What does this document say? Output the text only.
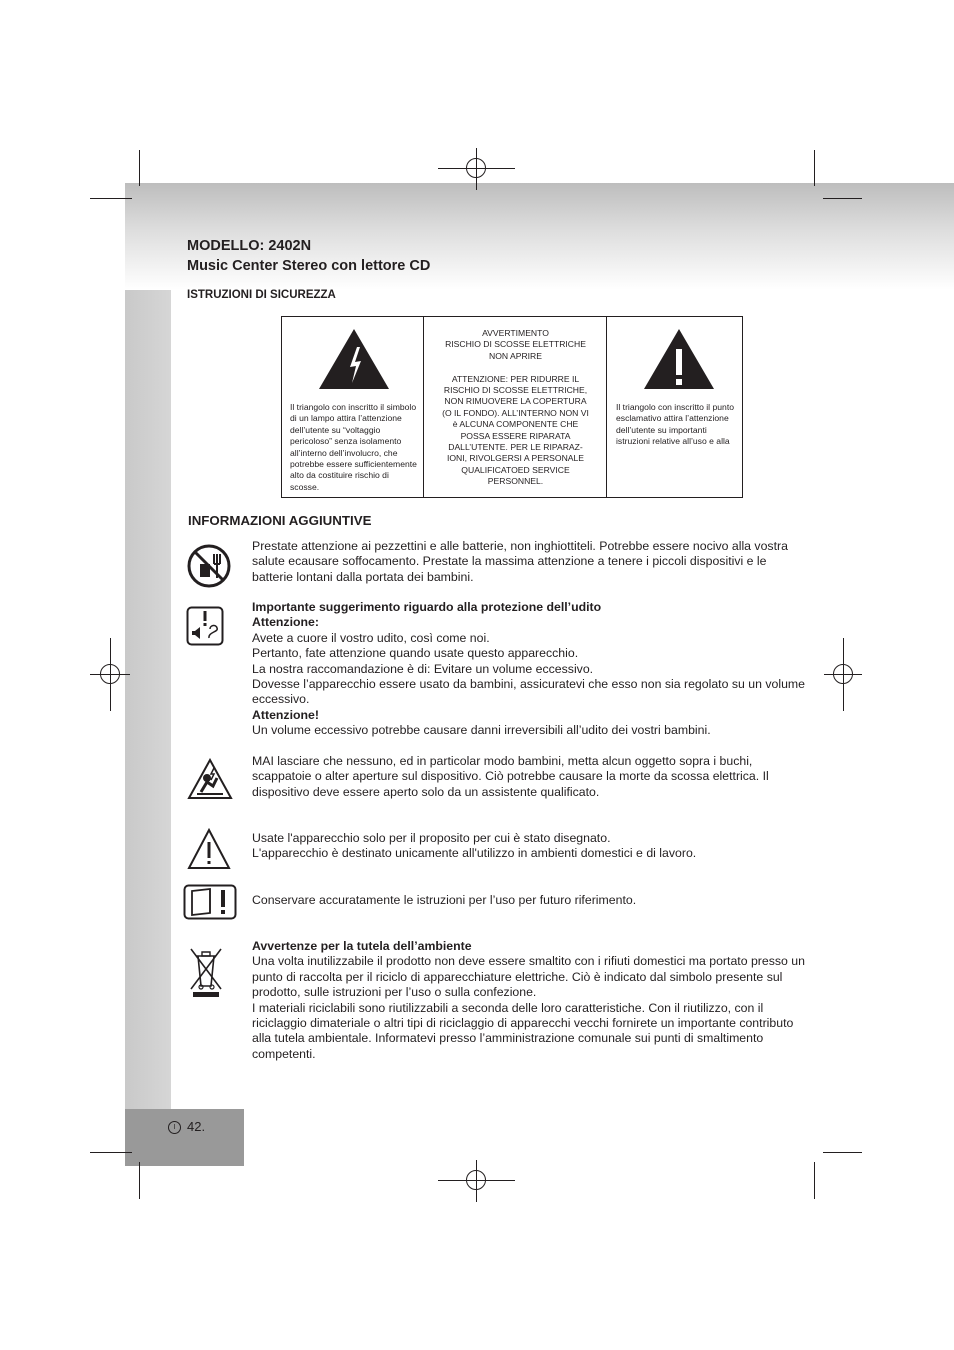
MODELLO: 2402N
Music Center Stereo con lettore CD
ISTRUZIONI DI SICUREZZA
Il triangolo con inscritto il simbolo di un lampo attira l’attenzione dell’utente su “voltaggio pericoloso” senza isolamento all’interno dell’involucro, che potrebbe essere sufficientemente alto da costituire rischio di scosse.
AVVERTIMENTO
RISCHIO DI SCOSSE ELETTRICHE
NON APRIRE
ATTENZIONE: PER RIDURRE IL
RISCHIO DI SCOSSE ELETTRICHE,
NON RIMUOVERE LA COPERTURA
(O IL FONDO). ALL’INTERNO NON VI
è ALCUNA COMPONENTE CHE
POSSA ESSERE RIPARATA
DALL’UTENTE. PER LE RIPARAZ-
IONI, RIVOLGERSI A PERSONALE
QUALIFICATOED SERVICE
PERSONNEL.
Il triangolo con inscritto il punto esclamativo attira l’attenzione dell’utente su importanti istruzioni relative all’uso e alla
INFORMAZIONI AGGIUNTIVE
Prestate attenzione ai pezzettini e alle batterie, non inghiottiteli. Potrebbe essere nocivo alla vostra salute ecausare soffocamento. Prestate la massima attenzione a tenere i piccoli dispositivi e le batterie lontani dalla portata dei bambini.
Importante suggerimento riguardo alla protezione dell’udito
Attenzione:
Avete a cuore il vostro udito, così come noi.
Pertanto, fate attenzione quando usate questo apparecchio.
La nostra raccomandazione è di: Evitare un volume eccessivo.
Dovesse l’apparecchio essere usato da bambini, assicuratevi che esso non sia regolato su un volume eccessivo.
Attenzione!
Un volume eccessivo potrebbe causare danni irreversibili all’udito dei vostri bambini.
MAI lasciare che nessuno, ed in particolar modo bambini, metta alcun oggetto sopra i buchi, scappatoie o alter aperture sul dispositivo. Ciò potrebbe causare la morte da scossa elettrica. Il dispositivo deve essere aperto solo da un assistente qualificato.
Usate l'apparecchio solo per il proposito per cui è stato disegnato.
L'apparecchio è destinato unicamente all'utilizzo in ambienti domestici e di lavoro.
Conservare accuratamente le istruzioni per l’uso per futuro riferimento.
Avvertenze per la tutela dell’ambiente
Una volta inutilizzabile il prodotto non deve essere smaltito con i rifiuti domestici ma portato presso un punto di raccolta per il riciclo di apparecchiature elettriche. Ciò è indicato dal simbolo presente sul prodotto, sulle istruzioni per l’uso o sulla confezione.
I materiali riciclabili sono riutilizzabili a seconda delle loro caratteristiche. Con il riutilizzo, con il riciclaggio dimateriale o altri tipi di riciclaggio di apparecchi vecchi fornirete un importante contributo alla tutela ambientale. Informatevi presso l’amministrazione comunale sui punti di smaltimento competenti.
I 42.
